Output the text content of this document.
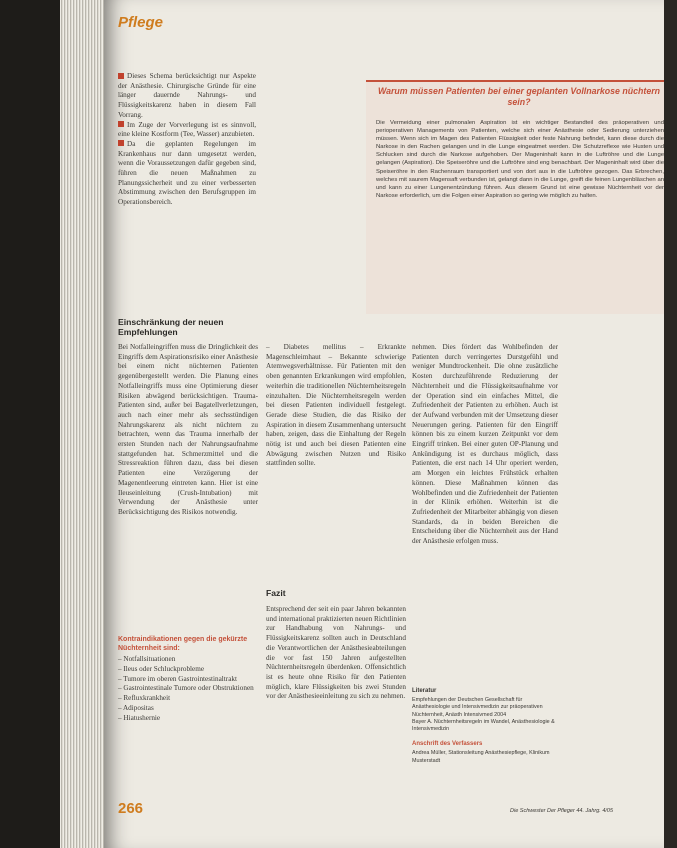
Pflege

Dieses Schema berücksichtigt nur Aspekte der Anästhesie. Chirurgische Gründe für eine länger dauernde Nahrungs- und Flüssigkeitskarenz haben in diesem Fall Vorrang.

Im Zuge der Vorverlegung ist es sinnvoll, eine kleine Kostform (Tee, Wasser) anzubieten.

Da die geplanten Regelungen im Krankenhaus nur dann umgesetzt werden, wenn die Voraussetzungen dafür gegeben sind, führen die neuen Maßnahmen zu Planungssicherheit und zu einer verbesserten Abstimmung zwischen den Berufsgruppen im Operationsbereich.

Warum müssen Patienten bei einer geplanten Vollnarkose nüchtern sein?
Die Vermeidung einer pulmonalen Aspiration ist ein wichtiger Bestandteil des präoperativen und perioperativen Managements von Patienten, welche sich einer Anästhesie oder Sedierung unterziehen müssen. Wenn sich im Magen des Patienten Flüssigkeit oder feste Nahrung befindet, kann diese durch die Narkose in den Rachen gelangen und in die Lunge eingeatmet werden. Die Schutzreflexe wie Husten und Schlucken sind durch die Narkose aufgehoben. Der Mageninhalt kann in die Luftröhre und die Lunge gelangen (Aspiration). Die Speiseröhre und die Luftröhre sind eng benachbart. Der Mageninhalt wird über die Speiseröhre in den Rachenraum transportiert und von dort aus in die Luftröhre gezogen. Das Erbrechen, welches mit saurem Magensaft verbunden ist, gelangt dann in die Lunge, greift die feinen Lungenbläschen an und kann zu einer Lungenentzündung führen. Aus diesem Grund ist eine gewisse Nüchternheit vor der Narkose erforderlich, um die Folgen einer Aspiration so gering wie möglich zu halten.
Einschränkung der neuen Empfehlungen
Bei Notfalleingriffen muss die Dringlichkeit des Eingriffs dem Aspirationsrisiko einer Anästhesie bei einem nicht nüchternen Patienten gegenübergestellt werden. Die Planung eines Notfalleingriffs muss eine Optimierung dieser Risiken abwägend berücksichtigen. Trauma-Patienten sind, außer bei Bagatellverletzungen, auch nach einer mehr als sechsstündigen Nahrungskarenz als nicht nüchtern zu betrachten, wenn das Trauma innerhalb der ersten Stunden nach der Nahrungsaufnahme stattgefunden hat. Schmerzmittel und die Stressreaktion führen dazu, dass bei diesen Patienten eine Verzögerung der Magenentleerung eintreten kann. Hier ist eine Ileuseinleitung (Crush-Intubation) mit Verwendung der Anästhesie unter Berücksichtigung des Risikos notwendig.
Kontraindikationen gegen die gekürzte Nüchternheit sind:
– Notfallsituationen
– Ileus oder Schluckprobleme
– Tumore im oberen Gastrointestinaltrakt
– Gastrointestinale Tumore oder Obstruktionen
– Refluxkrankheit
– Adipositas
– Hiatushernie
– Diabetes mellitus – Erkrankte Magenschleimhaut – Bekannte schwierige Atemwegsverhältnisse. Für Patienten mit den oben genannten Erkrankungen wird empfohlen, weiterhin die traditionellen Nüchternheitsregeln einzuhalten. Die Nüchternheitsregeln werden bei diesen Patienten individuell festgelegt. Gerade diese Studien, die das Risiko der Aspiration in diesem Zusammenhang untersucht haben, zeigen, dass die Einhaltung der Regeln nötig ist und auch bei diesen Patienten eine Abwägung zwischen Nutzen und Risiko stattfinden sollte.
Fazit
Entsprechend der seit ein paar Jahren bekannten und international praktizierten neuen Richtlinien zur Handhabung von Nahrungs- und Flüssigkeitskarenz sollten auch in Deutschland die Verantwortlichen der Anästhesieabteilungen die vor fast 150 Jahren aufgestellten Nüchternheitsregeln überdenken. Offensichtlich ist es heute ohne Risiko für den Patienten möglich, klare Flüssigkeiten bis zwei Stunden vor der Anästhesieeinleitung zu sich zu nehmen.
nehmen. Dies fördert das Wohlbefinden der Patienten durch verringertes Durstgefühl und weniger Mundtrockenheit. Die ohne zusätzliche Kosten durchzuführende Reduzierung der Nüchternheit und die Flüssigkeitsaufnahme vor der Operation sind ein einfaches Mittel, die Zufriedenheit der Patienten zu erhöhen. Auch ist der Aufwand verbunden mit der Umsetzung dieser Neuerungen gering. Patienten für den Eingriff können bis zu einem kurzen Zeitpunkt vor dem Eingriff trinken. Bei einer guten OP-Planung und Ankündigung ist es durchaus möglich, dass Patienten, die erst nach 14 Uhr operiert werden, am Morgen ein leichtes Frühstück erhalten können. Diese Maßnahmen können das Wohlbefinden und die Zufriedenheit der Patienten in der Klinik erhöhen. Weiterhin ist die Zufriedenheit der Mitarbeiter abhängig von diesen Standards, da in beiden Bereichen die Entscheidung über die Nüchternheit aus der Hand der Anästhesie erfolgen muss.
Literatur
Empfehlungen der Deutschen Gesellschaft für Anästhesiologie und Intensivmedizin zur präoperativen Nüchternheit, Anästh Intensivmed 2004
Bayer A. Nüchternheitsregeln im Wandel, Anästhesiologie & Intensivmedizin
Anschrift des Verfassers
Andrea Müller, Stationsleitung Anästhesiepflege, Klinikum Musterstadt
266	Die Schwester Der Pfleger 44. Jahrg. 4/05
